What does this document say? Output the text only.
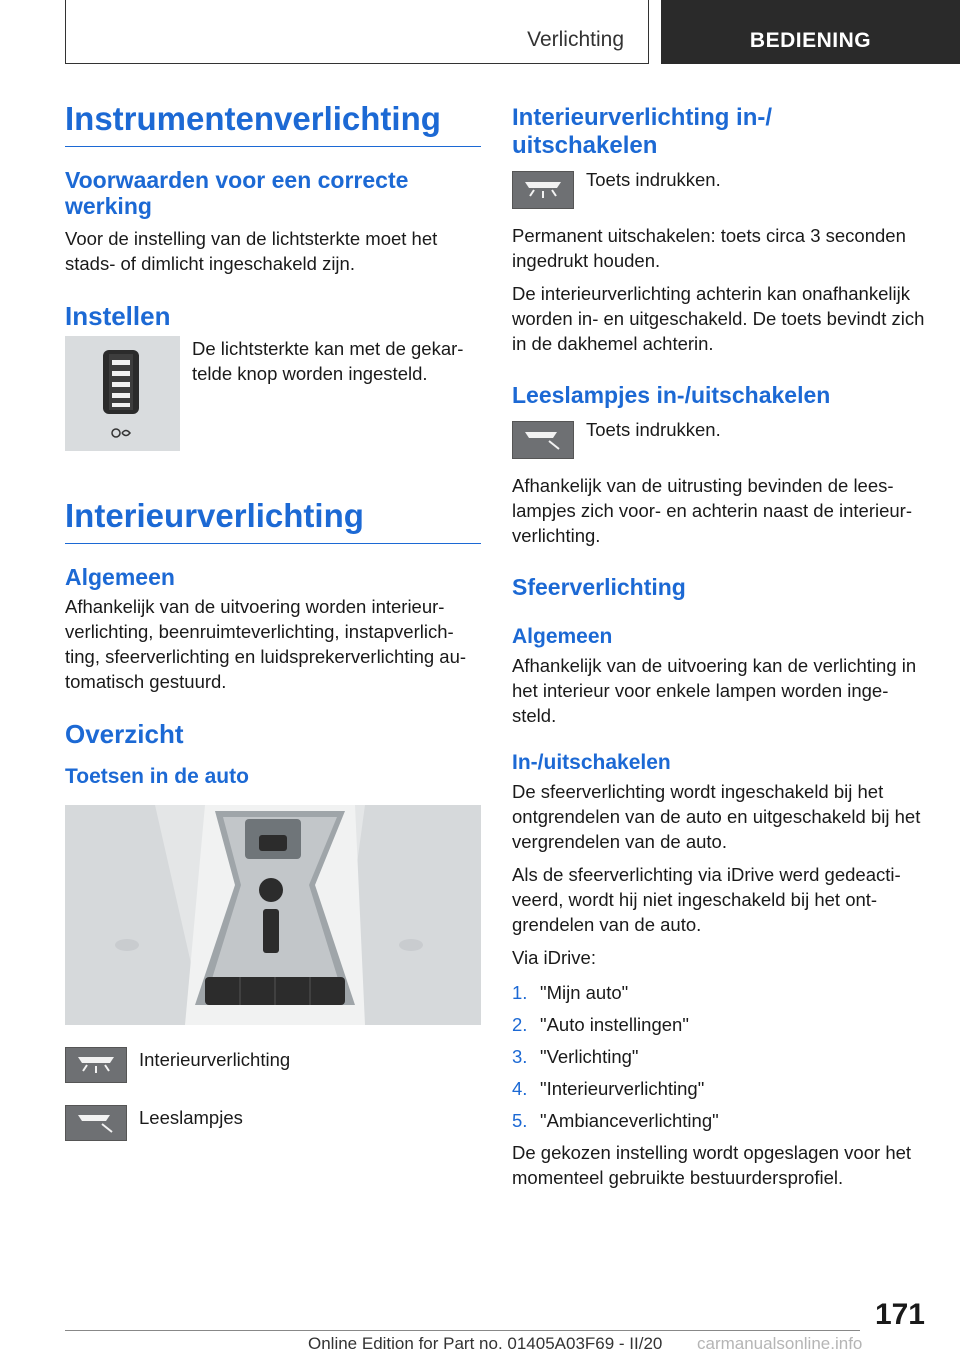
Verlichting	BEDIENING
Instrumentenverlichting
Voorwaarden voor een correcte werking

Voor de instelling van de lichtsterkte moet het stads- of dimlicht ingeschakeld zijn.

Instellen

De lichtsterkte kan met de gekar-telde knop worden ingesteld.

Interieurverlichting
Algemeen

Afhankelijk van de uitvoering worden interieur-verlichting, beenruimteverlichting, instapverlich-ting, sfeerverlichting en luidsprekerverlichting au-tomatisch gestuurd.

Overzicht
Toetsen in de auto

Interieurverlichting

Leeslampjes

Interieurverlichting in-/ uitschakelen

Toets indrukken.

Permanent uitschakelen: toets circa 3 seconden ingedrukt houden.

De interieurverlichting achterin kan onafhankelijk worden in- en uitgeschakeld. De toets bevindt zich in de dakhemel achterin.

Leeslampjes in-/uitschakelen

Toets indrukken.

Afhankelijk van de uitrusting bevinden de lees-lampjes zich voor- en achterin naast de interieur-verlichting.

Sfeerverlichting
Algemeen

Afhankelijk van de uitvoering kan de verlichting in het interieur voor enkele lampen worden inge-steld.

In-/uitschakelen

De sfeerverlichting wordt ingeschakeld bij het ontgrendelen van de auto en uitgeschakeld bij het vergrendelen van de auto.

Als de sfeerverlichting via iDrive werd gedeacti-veerd, wordt hij niet ingeschakeld bij het ont-grendelen van de auto.

Via iDrive:

1. "Mijn auto"
2. "Auto instellingen"
3. "Verlichting"
4. "Interieurverlichting"
5. "Ambianceverlichting"

De gekozen instelling wordt opgeslagen voor het momenteel gebruikte bestuurdersprofiel.

171
Online Edition for Part no. 01405A03F69 - II/20 carmanualsonline.info
